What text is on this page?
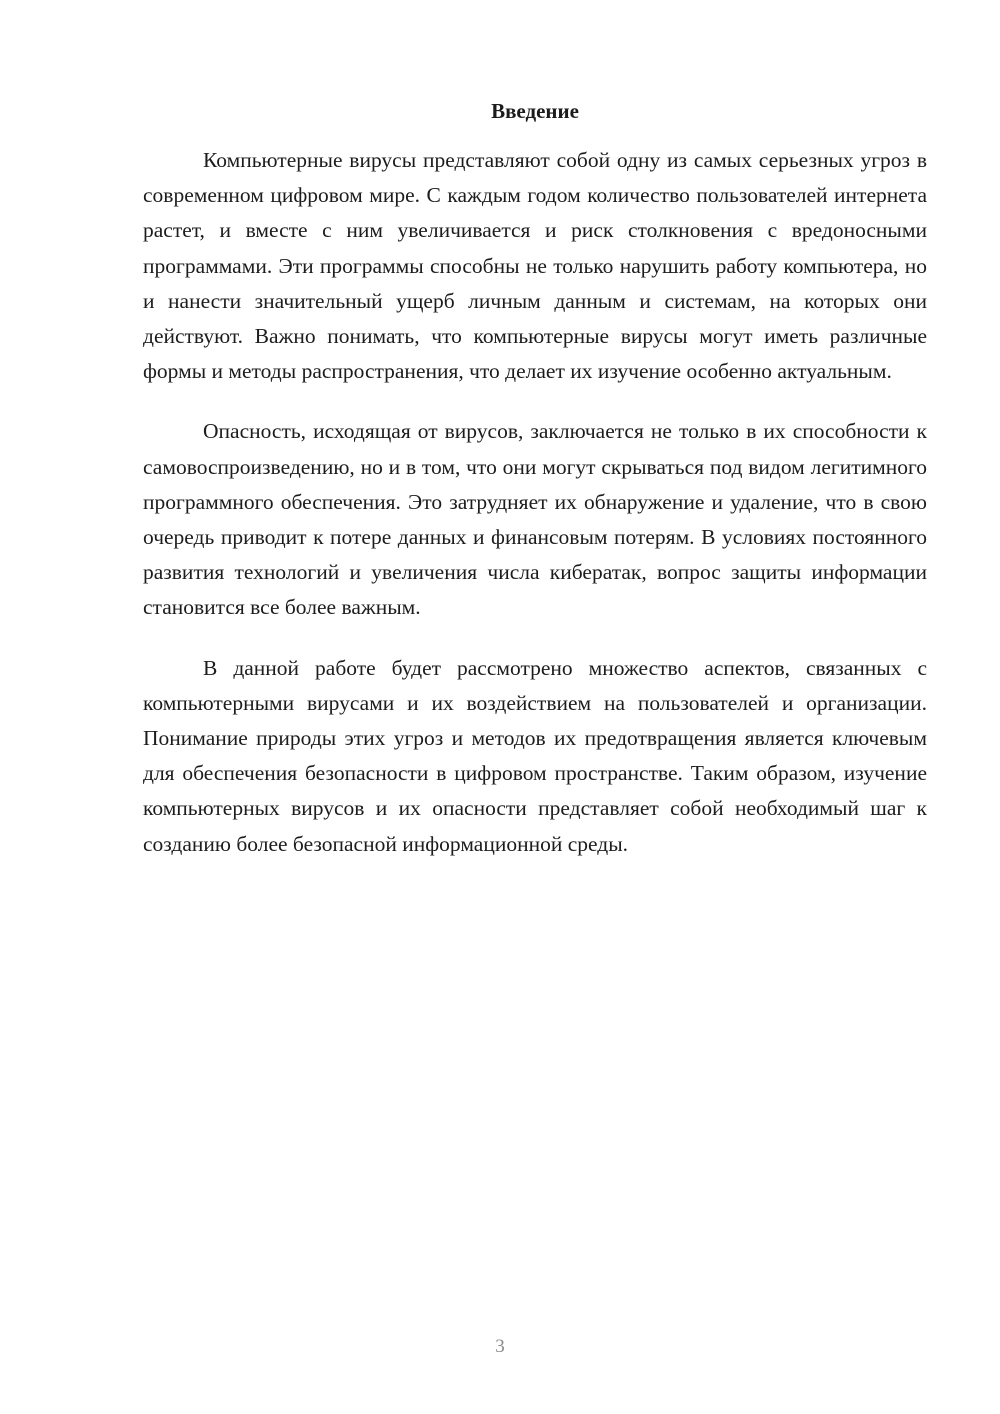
Введение

Компьютерные вирусы представляют собой одну из самых серьезных угроз в современном цифровом мире. С каждым годом количество пользователей интернета растет, и вместе с ним увеличивается и риск столкновения с вредоносными программами. Эти программы способны не только нарушить работу компьютера, но и нанести значительный ущерб личным данным и системам, на которых они действуют. Важно понимать, что компьютерные вирусы могут иметь различные формы и методы распространения, что делает их изучение особенно актуальным.

Опасность, исходящая от вирусов, заключается не только в их способности к самовоспроизведению, но и в том, что они могут скрываться под видом легитимного программного обеспечения. Это затрудняет их обнаружение и удаление, что в свою очередь приводит к потере данных и финансовым потерям. В условиях постоянного развития технологий и увеличения числа кибератак, вопрос защиты информации становится все более важным.

В данной работе будет рассмотрено множество аспектов, связанных с компьютерными вирусами и их воздействием на пользователей и организации. Понимание природы этих угроз и методов их предотвращения является ключевым для обеспечения безопасности в цифровом пространстве. Таким образом, изучение компьютерных вирусов и их опасности представляет собой необходимый шаг к созданию более безопасной информационной среды.

3
